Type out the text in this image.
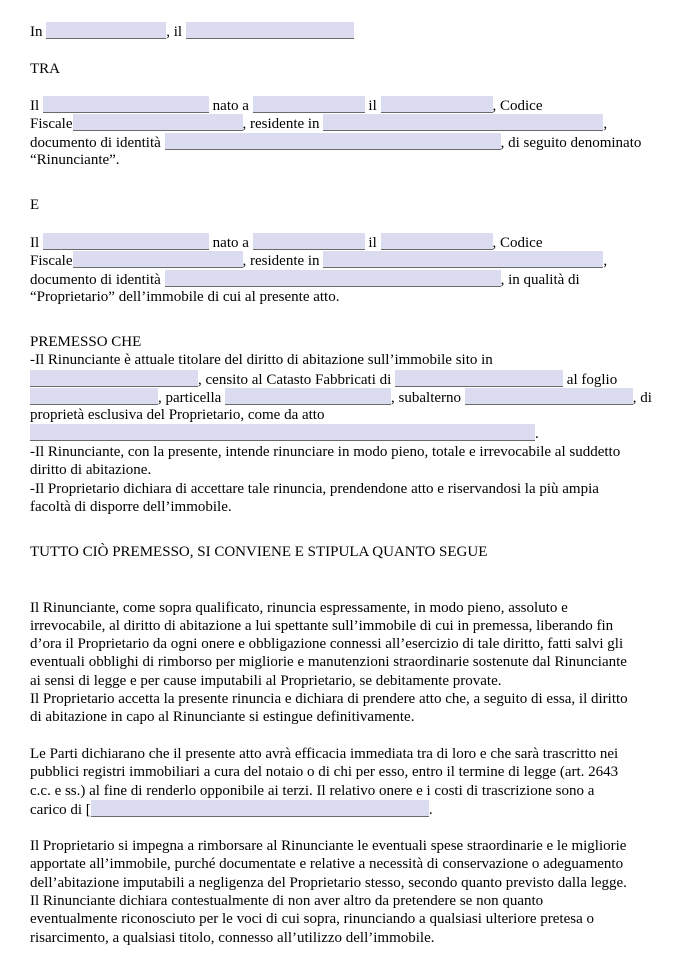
In	, il
TRA
Il	nato a	il	, Codice
Fiscale	, residente in	,
documento di identità	, di seguito denominato
“Rinunciante”.
E
Il	nato a	il	, Codice
Fiscale	, residente in	,
documento di identità	, in qualità di
“Proprietario” dell’immobile di cui al presente atto.
PREMESSO CHE
-Il Rinunciante è attuale titolare del diritto di abitazione sull’immobile sito in
, censito al Catasto Fabbricati di	al foglio
, particella	, subalterno	, di
proprietà esclusiva del Proprietario, come da atto
.
-Il Rinunciante, con la presente, intende rinunciare in modo pieno, totale e irrevocabile al suddetto
diritto di abitazione.
-Il Proprietario dichiara di accettare tale rinuncia, prendendone atto e riservandosi la più ampia
facoltà di disporre dell’immobile.
TUTTO CIÒ PREMESSO, SI CONVIENE E STIPULA QUANTO SEGUE
Il Rinunciante, come sopra qualificato, rinuncia espressamente, in modo pieno, assoluto e
irrevocabile, al diritto di abitazione a lui spettante sull’immobile di cui in premessa, liberando fin
d’ora il Proprietario da ogni onere e obbligazione connessi all’esercizio di tale diritto, fatti salvi gli
eventuali obblighi di rimborso per migliorie e manutenzioni straordinarie sostenute dal Rinunciante
ai sensi di legge e per cause imputabili al Proprietario, se debitamente provate.
Il Proprietario accetta la presente rinuncia e dichiara di prendere atto che, a seguito di essa, il diritto
di abitazione in capo al Rinunciante si estingue definitivamente.
Le Parti dichiarano che il presente atto avrà efficacia immediata tra di loro e che sarà trascritto nei
pubblici registri immobiliari a cura del notaio o di chi per esso, entro il termine di legge (art. 2643
c.c. e ss.) al fine di renderlo opponibile ai terzi. Il relativo onere e i costi di trascrizione sono a
carico di [	.
Il Proprietario si impegna a rimborsare al Rinunciante le eventuali spese straordinarie e le migliorie
apportate all’immobile, purché documentate e relative a necessità di conservazione o adeguamento
dell’abitazione imputabili a negligenza del Proprietario stesso, secondo quanto previsto dalla legge.
Il Rinunciante dichiara contestualmente di non aver altro da pretendere se non quanto
eventualmente riconosciuto per le voci di cui sopra, rinunciando a qualsiasi ulteriore pretesa o
risarcimento, a qualsiasi titolo, connesso all’utilizzo dell’immobile.
